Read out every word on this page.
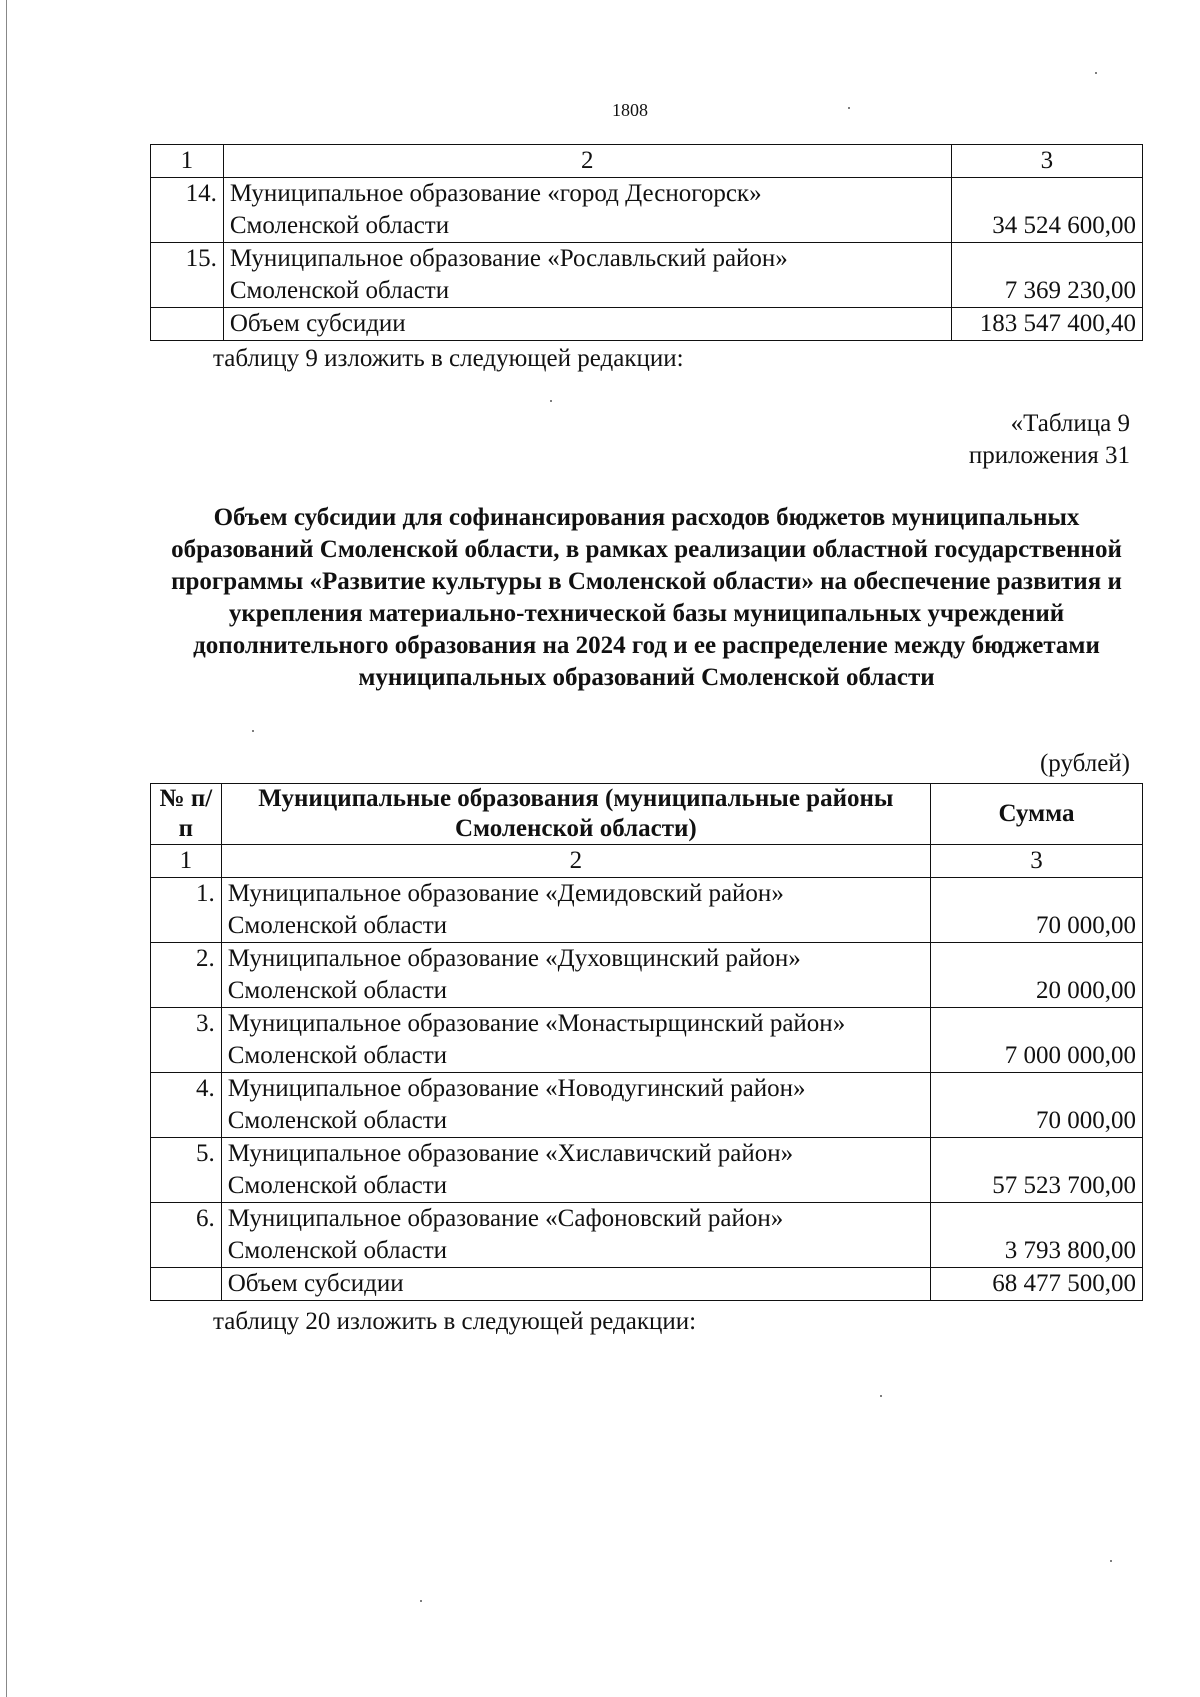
1808
1	2	3
14.	Муниципальное образование «город Десногорск»
Смоленской области	34 524 600,00
15.	Муниципальное образование «Рославльский район»
Смоленской области	7 369 230,00
	Объем субсидии	183 547 400,40
таблицу 9 изложить в следующей редакции:
«Таблица 9
приложения 31
Объем субсидии для софинансирования расходов бюджетов муниципальных образований Смоленской области, в рамках реализации областной государственной программы «Развитие культуры в Смоленской области» на обеспечение развития и укрепления материально-технической базы муниципальных учреждений дополнительного образования на 2024 год и ее распределение между бюджетами муниципальных образований Смоленской области
(рублей)
№ п/п	Муниципальные образования (муниципальные районы Смоленской области)	Сумма
1	2	3
1.	Муниципальное образование «Демидовский район»
Смоленской области	70 000,00
2.	Муниципальное образование «Духовщинский район»
Смоленской области	20 000,00
3.	Муниципальное образование «Монастырщинский район»
Смоленской области	7 000 000,00
4.	Муниципальное образование «Новодугинский район»
Смоленской области	70 000,00
5.	Муниципальное образование «Хиславичский район»
Смоленской области	57 523 700,00
6.	Муниципальное образование «Сафоновский район»
Смоленской области	3 793 800,00
	Объем субсидии	68 477 500,00
таблицу 20 изложить в следующей редакции:
